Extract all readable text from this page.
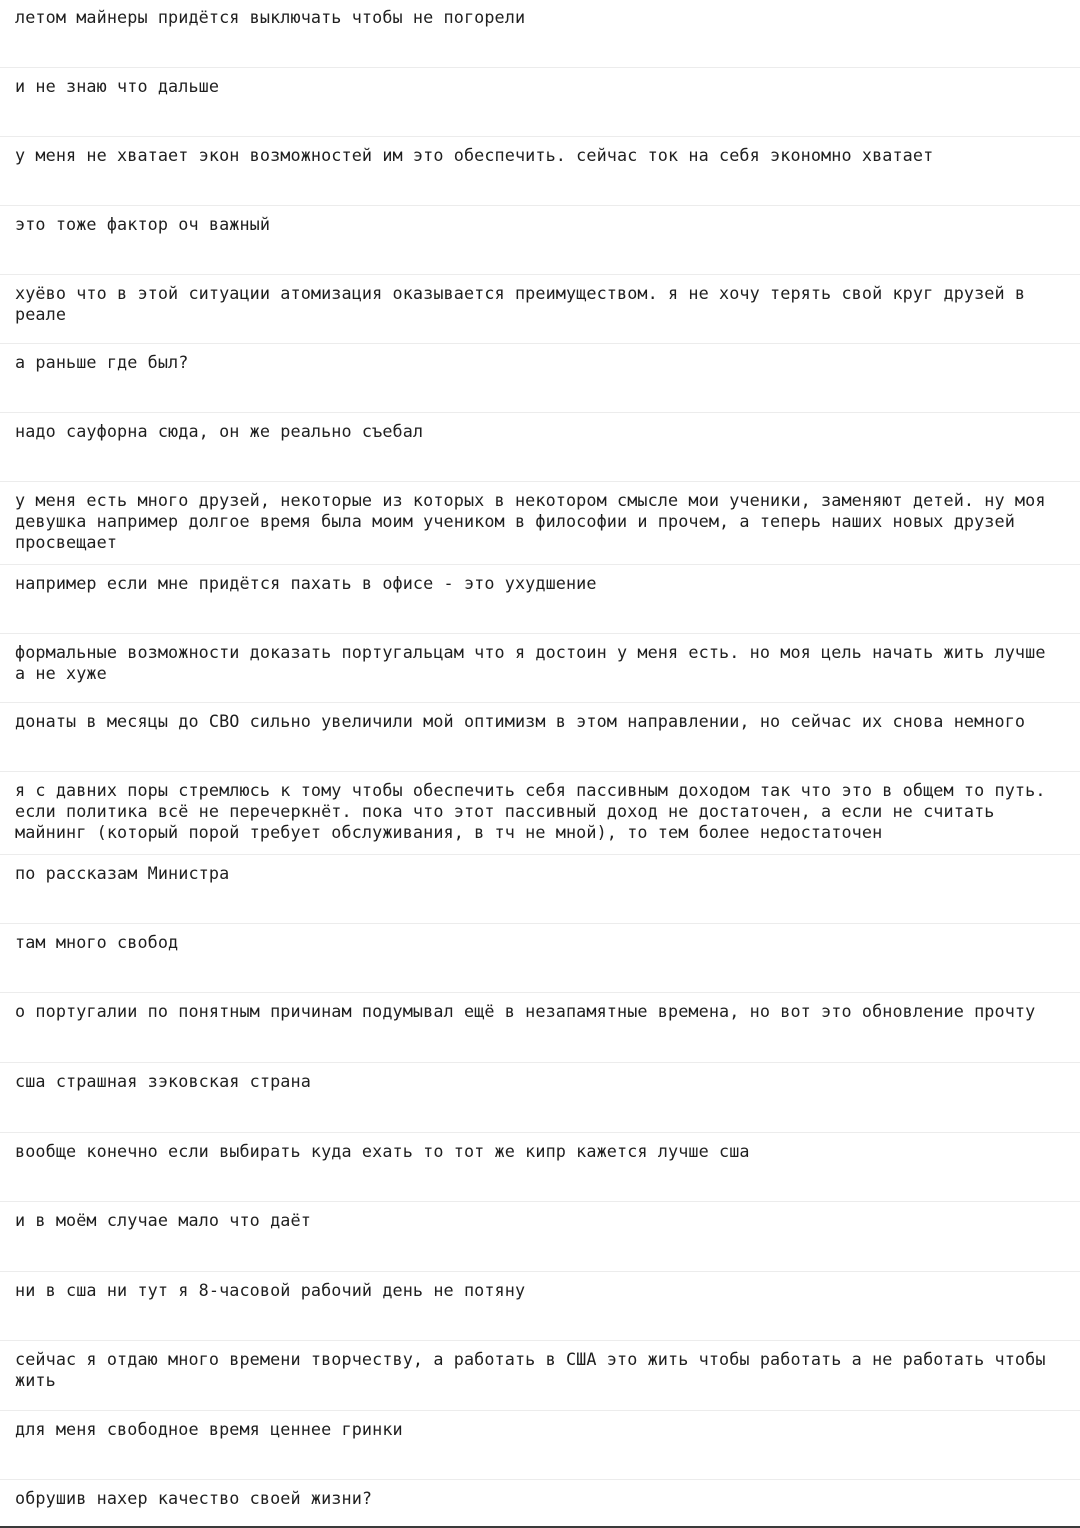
летом майнеры придётся выключать чтобы не погорели
и не знаю что дальше
у меня не хватает экон возможностей им это обеспечить. сейчас ток на себя экономно хватает
это тоже фактор оч важный
хуёво что в этой ситуации атомизация оказывается преимуществом. я не хочу терять свой круг друзей в реале
а раньше где был?
надо сауфорна сюда, он же реально съебал
у меня есть много друзей, некоторые из которых в некотором смысле мои ученики, заменяют детей. ну моя девушка например долгое время была моим учеником в философии и прочем, а теперь наших новых друзей просвещает
например если мне придётся пахать в офисе - это ухудшение
формальные возможности доказать португальцам что я достоин у меня есть. но моя цель начать жить лучше а не хуже
донаты в месяцы до СВО сильно увеличили мой оптимизм в этом направлении, но сейчас их снова немного
я с давних поры стремлюсь к тому чтобы обеспечить себя пассивным доходом так что это в общем то путь. если политика всё не перечеркнёт. пока что этот пассивный доход не достаточен, а если не считать майнинг (который порой требует обслуживания, в тч не мной), то тем более недостаточен
по рассказам Министра
там много свобод
о португалии по понятным причинам подумывал ещё в незапамятные времена, но вот это обновление прочту
сша страшная зэковская страна
вообще конечно если выбирать куда ехать то тот же кипр кажется лучше сша
и в моём случае мало что даёт
ни в сша ни тут я 8-часовой рабочий день не потяну
сейчас я отдаю много времени творчеству, а работать в США это жить чтобы работать а не работать чтобы жить
для меня свободное время ценнее гринки
обрушив нахер качество своей жизни?
